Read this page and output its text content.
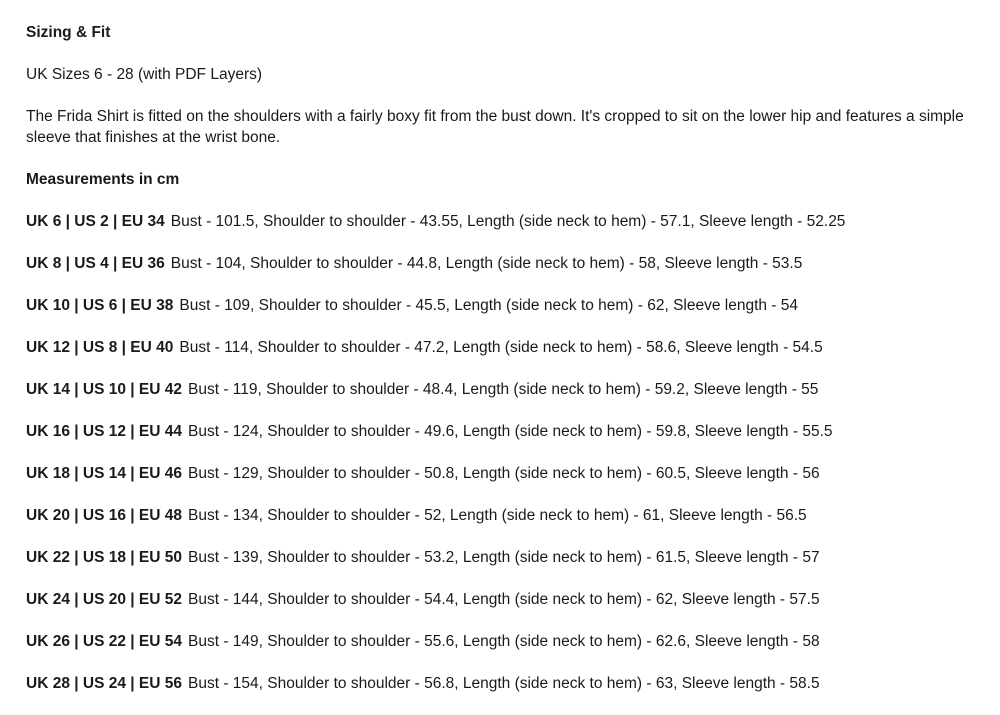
Sizing & Fit
UK Sizes 6 - 28 (with PDF Layers)
The Frida Shirt is fitted on the shoulders with a fairly boxy fit from the bust down. It's cropped to sit on the lower hip and features a simple sleeve that finishes at the wrist bone.
Measurements in cm
UK 6 | US 2 | EU 34 Bust - 101.5, Shoulder to shoulder - 43.55, Length (side neck to hem) - 57.1, Sleeve length - 52.25
UK 8 | US 4 | EU 36 Bust - 104, Shoulder to shoulder - 44.8, Length (side neck to hem) - 58, Sleeve length - 53.5
UK 10 | US 6 | EU 38 Bust - 109, Shoulder to shoulder - 45.5, Length (side neck to hem) - 62, Sleeve length - 54
UK 12 | US 8 | EU 40 Bust - 114, Shoulder to shoulder - 47.2, Length (side neck to hem) - 58.6, Sleeve length - 54.5
UK 14 | US 10 | EU 42 Bust - 119, Shoulder to shoulder - 48.4, Length (side neck to hem) - 59.2, Sleeve length - 55
UK 16 | US 12 | EU 44 Bust - 124, Shoulder to shoulder - 49.6, Length (side neck to hem) - 59.8, Sleeve length - 55.5
UK 18 | US 14 | EU 46 Bust - 129, Shoulder to shoulder - 50.8, Length (side neck to hem) - 60.5, Sleeve length - 56
UK 20 | US 16 | EU 48 Bust - 134, Shoulder to shoulder - 52, Length (side neck to hem) - 61, Sleeve length - 56.5
UK 22 | US 18 | EU 50 Bust - 139, Shoulder to shoulder - 53.2, Length (side neck to hem) - 61.5, Sleeve length - 57
UK 24 | US 20 | EU 52 Bust - 144, Shoulder to shoulder - 54.4, Length (side neck to hem) - 62, Sleeve length - 57.5
UK 26 | US 22 | EU 54 Bust - 149, Shoulder to shoulder - 55.6, Length (side neck to hem) - 62.6, Sleeve length - 58
UK 28 | US 24 | EU 56 Bust - 154, Shoulder to shoulder - 56.8, Length (side neck to hem) - 63, Sleeve length - 58.5
